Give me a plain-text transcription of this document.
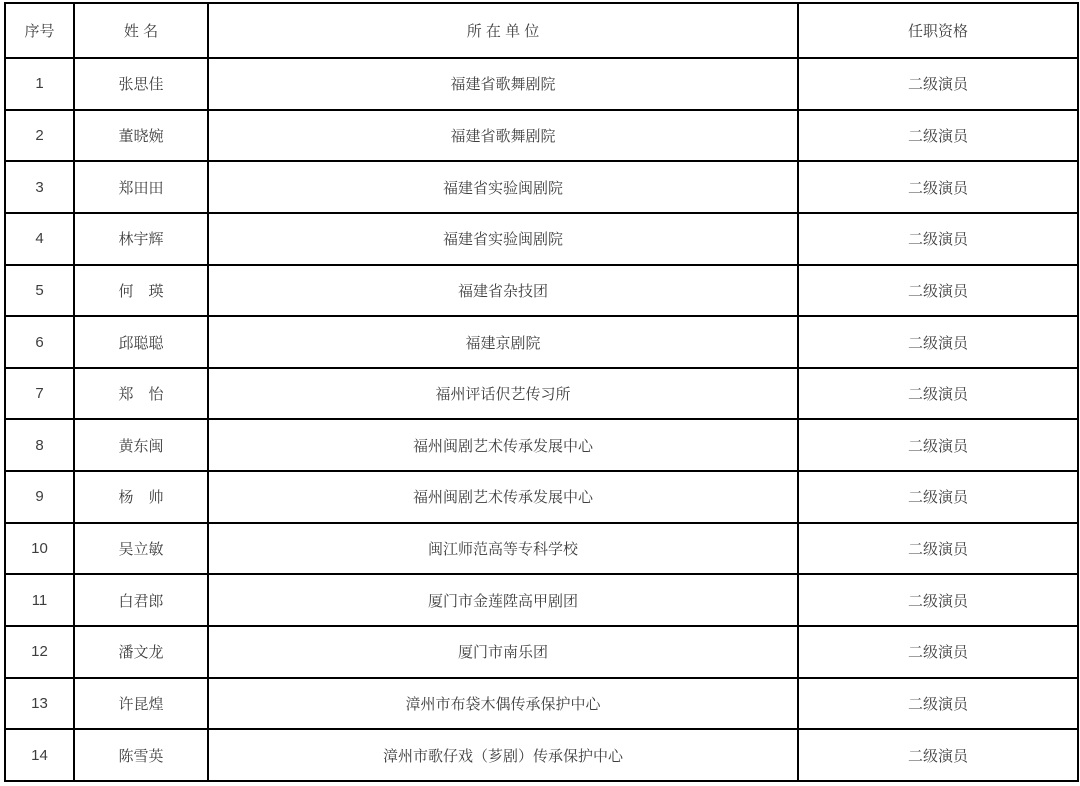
序号	姓 名	所 在 单 位	任职资格
1	张思佳	福建省歌舞剧院	二级演员
2	董晓婉	福建省歌舞剧院	二级演员
3	郑田田	福建省实验闽剧院	二级演员
4	林宇辉	福建省实验闽剧院	二级演员
5	何　瑛	福建省杂技团	二级演员
6	邱聪聪	福建京剧院	二级演员
7	郑　怡	福州评话伬艺传习所	二级演员
8	黄东闽	福州闽剧艺术传承发展中心	二级演员
9	杨　帅	福州闽剧艺术传承发展中心	二级演员
10	吴立敏	闽江师范高等专科学校	二级演员
11	白君郎	厦门市金莲陞高甲剧团	二级演员
12	潘文龙	厦门市南乐团	二级演员
13	许昆煌	漳州市布袋木偶传承保护中心	二级演员
14	陈雪英	漳州市歌仔戏（芗剧）传承保护中心	二级演员
